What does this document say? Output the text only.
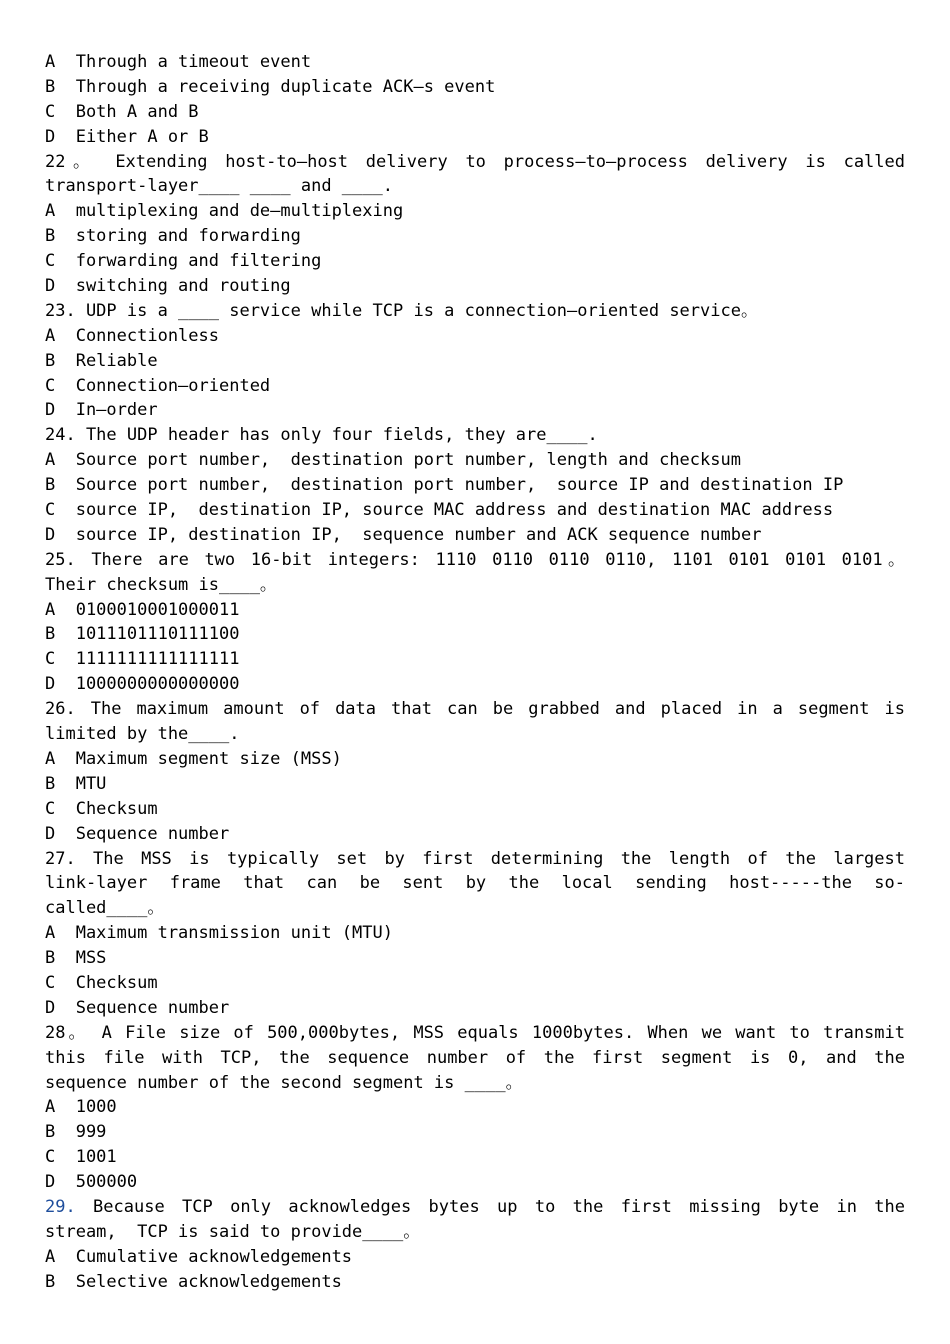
A  Through a timeout event
B  Through a receiving duplicate ACK—s event
C  Both A and B
D  Either A or B
22。 Extending host-to—host delivery to process—to—process delivery is called
transport-layer____ ____ and ____.
A  multiplexing and de—multiplexing
B  storing and forwarding
C  forwarding and filtering
D  switching and routing
23. UDP is a ____ service while TCP is a connection—oriented service。
A  Connectionless
B  Reliable
C  Connection—oriented
D  In—order
24. The UDP header has only four fields, they are____.
A  Source port number,  destination port number, length and checksum
B  Source port number,  destination port number,  source IP and destination IP
C  source IP,  destination IP, source MAC address and destination MAC address
D  source IP, destination IP,  sequence number and ACK sequence number
25. There are two 16-bit integers: 1110 0110 0110 0110, 1101 0101 0101 0101。
Their checksum is____。
A  0100010001000011
B  1011101110111100
C  1111111111111111
D  1000000000000000
26. The maximum amount of data that can be grabbed and placed in a segment is
limited by the____.
A  Maximum segment size (MSS)
B  MTU
C  Checksum
D  Sequence number
27. The MSS is typically set by first determining the length of the largest
link-layer frame that can be sent by the local sending host-----the so-
called____。
A  Maximum transmission unit (MTU)
B  MSS
C  Checksum
D  Sequence number
28。 A File size of 500,000bytes, MSS equals 1000bytes. When we want to transmit
this file with TCP, the sequence number of the first segment is 0, and the
sequence number of the second segment is ____。
A  1000
B  999
C  1001
D  500000
29. Because TCP only acknowledges bytes up to the first missing byte in the
stream,  TCP is said to provide____。
A  Cumulative acknowledgements
B  Selective acknowledgements
